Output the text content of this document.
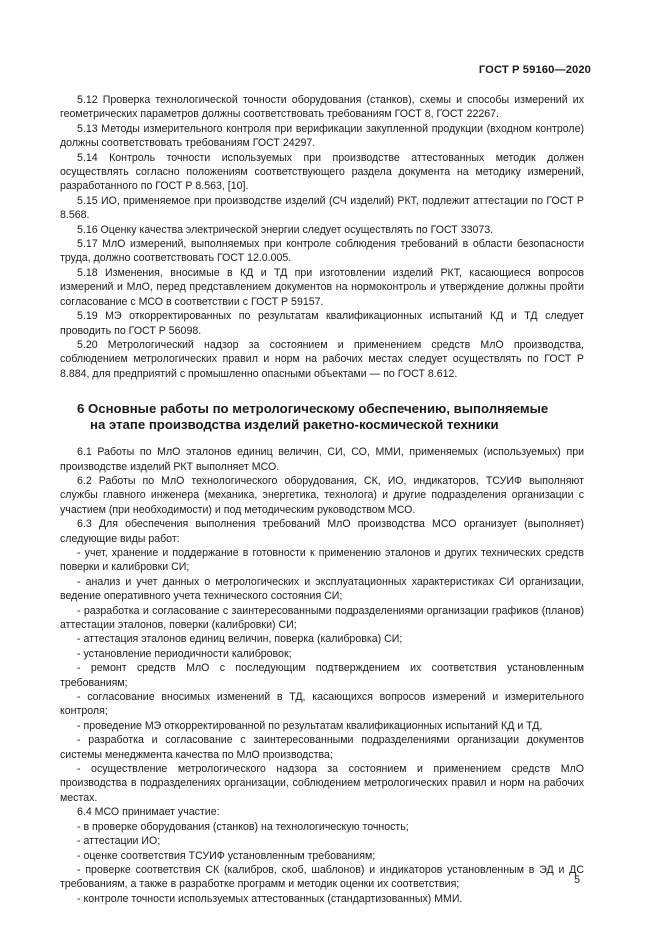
ГОСТ Р 59160—2020

5.12 Проверка технологической точности оборудования (станков), схемы и способы измерений их геометрических параметров должны соответствовать требованиям ГОСТ 8, ГОСТ 22267.

5.13 Методы измерительного контроля при верификации закупленной продукции (входном контроле) должны соответствовать требованиям ГОСТ 24297.

5.14 Контроль точности используемых при производстве аттестованных методик должен осуществлять согласно положениям соответствующего раздела документа на методику измерений, разработанного по ГОСТ Р 8.563, [10].

5.15 ИО, применяемое при производстве изделий (СЧ изделий) РКТ, подлежит аттестации по ГОСТ Р 8.568.

5.16 Оценку качества электрической энергии следует осуществлять по ГОСТ 33073.

5.17 МлО измерений, выполняемых при контроле соблюдения требований в области безопасности труда, должно соответствовать ГОСТ 12.0.005.

5.18 Изменения, вносимые в КД и ТД при изготовлении изделий РКТ, касающиеся вопросов измерений и МлО, перед представлением документов на нормоконтроль и утверждение должны пройти согласование с МСО в соответствии с ГОСТ Р 59157.

5.19 МЭ откорректированных по результатам квалификационных испытаний КД и ТД следует проводить по ГОСТ Р 56098.

5.20 Метрологический надзор за состоянием и применением средств МлО производства, соблюдением метрологических правил и норм на рабочих местах следует осуществлять по ГОСТ Р 8.884, для предприятий с промышленно опасными объектами — по ГОСТ 8.612.

6 Основные работы по метрологическому обеспечению, выполняемые
на этапе производства изделий ракетно-космической техники

6.1 Работы по МлО эталонов единиц величин, СИ, СО, ММИ, применяемых (используемых) при производстве изделий РКТ выполняет МСО.

6.2 Работы по МлО технологического оборудования, СК, ИО, индикаторов, ТСУИФ выполняют службы главного инженера (механика, энергетика, технолога) и другие подразделения организации с участием (при необходимости) и под методическим руководством МСО.

6.3 Для обеспечения выполнения требований МлО производства МСО организует (выполняет) следующие виды работ:

- учет, хранение и поддержание в готовности к применению эталонов и других технических средств поверки и калибровки СИ;

- анализ и учет данных о метрологических и эксплуатационных характеристиках СИ организации, ведение оперативного учета технического состояния СИ;

- разработка и согласование с заинтересованными подразделениями организации графиков (планов) аттестации эталонов, поверки (калибровки) СИ;

- аттестация эталонов единиц величин, поверка (калибровка) СИ;

- установление периодичности калибровок;

- ремонт средств МлО с последующим подтверждением их соответствия установленным требованиям;

- согласование вносимых изменений в ТД, касающихся вопросов измерений и измерительного контроля;

- проведение МЭ откорректированной по результатам квалификационных испытаний КД и ТД,

- разработка и согласование с заинтересованными подразделениями организации документов системы менеджмента качества по МлО производства;

- осуществление метрологического надзора за состоянием и применением средств МлО производства в подразделениях организации, соблюдением метрологических правил и норм на рабочих местах.

6.4 МСО принимает участие:

- в проверке оборудования (станков) на технологическую точность;

- аттестации ИО;

- оценке соответствия ТСУИФ установленным требованиям;

- проверке соответствия СК (калибров, скоб, шаблонов) и индикаторов установленным в ЭД и ДС требованиям, а также в разработке программ и методик оценки их соответствия;

- контроле точности используемых аттестованных (стандартизованных) ММИ.

5
